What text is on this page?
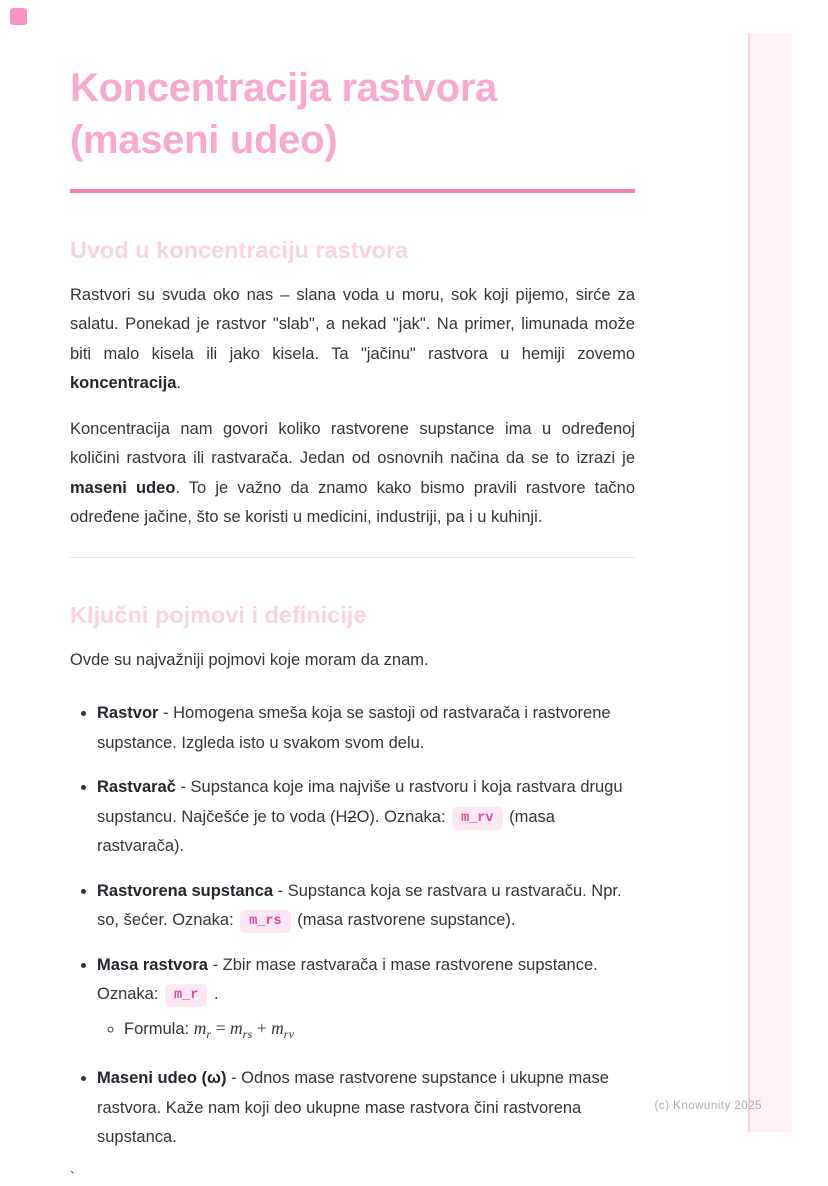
Koncentracija rastvora (maseni udeo)
Uvod u koncentraciju rastvora

Rastvori su svuda oko nas – slana voda u moru, sok koji pijemo, sirće za salatu. Ponekad je rastvor "slab", a nekad "jak". Na primer, limunada može biti malo kisela ili jako kisela. Ta "jačinu" rastvora u hemiji zovemo koncentracija.

Koncentracija nam govori koliko rastvorene supstance ima u određenoj količini rastvora ili rastvarača. Jedan od osnovnih načina da se to izrazi je maseni udeo. To je važno da znamo kako bismo pravili rastvore tačno određene jačine, što se koristi u medicini, industriji, pa i u kuhinji.

Ključni pojmovi i definicije

Ovde su najvažniji pojmovi koje moram da znam.

• Rastvor - Homogena smeša koja se sastoji od rastvarača i rastvorene supstance. Izgleda isto u svakom svom delu.
• Rastvarač - Supstanca koje ima najviše u rastvoru i koja rastvara drugu supstancu. Najčešće je to voda (H2O). Oznaka: m_rv (masa rastvarača).
• Rastvorena supstanca - Supstanca koja se rastvara u rastvaraču. Npr. so, šećer. Oznaka: m_rs (masa rastvorene supstance).
• Masa rastvora - Zbir mase rastvarača i mase rastvorene supstance. Oznaka: m_r .
◦ Formula: $m_r = m_{rs} + m_{rv}$
• Maseni udeo (ω) - Odnos mase rastvorene supstance i ukupne mase rastvora. Kaže nam koji deo ukupne mase rastvora čini rastvorena supstanca.
`
(c) Knowunity 2025
